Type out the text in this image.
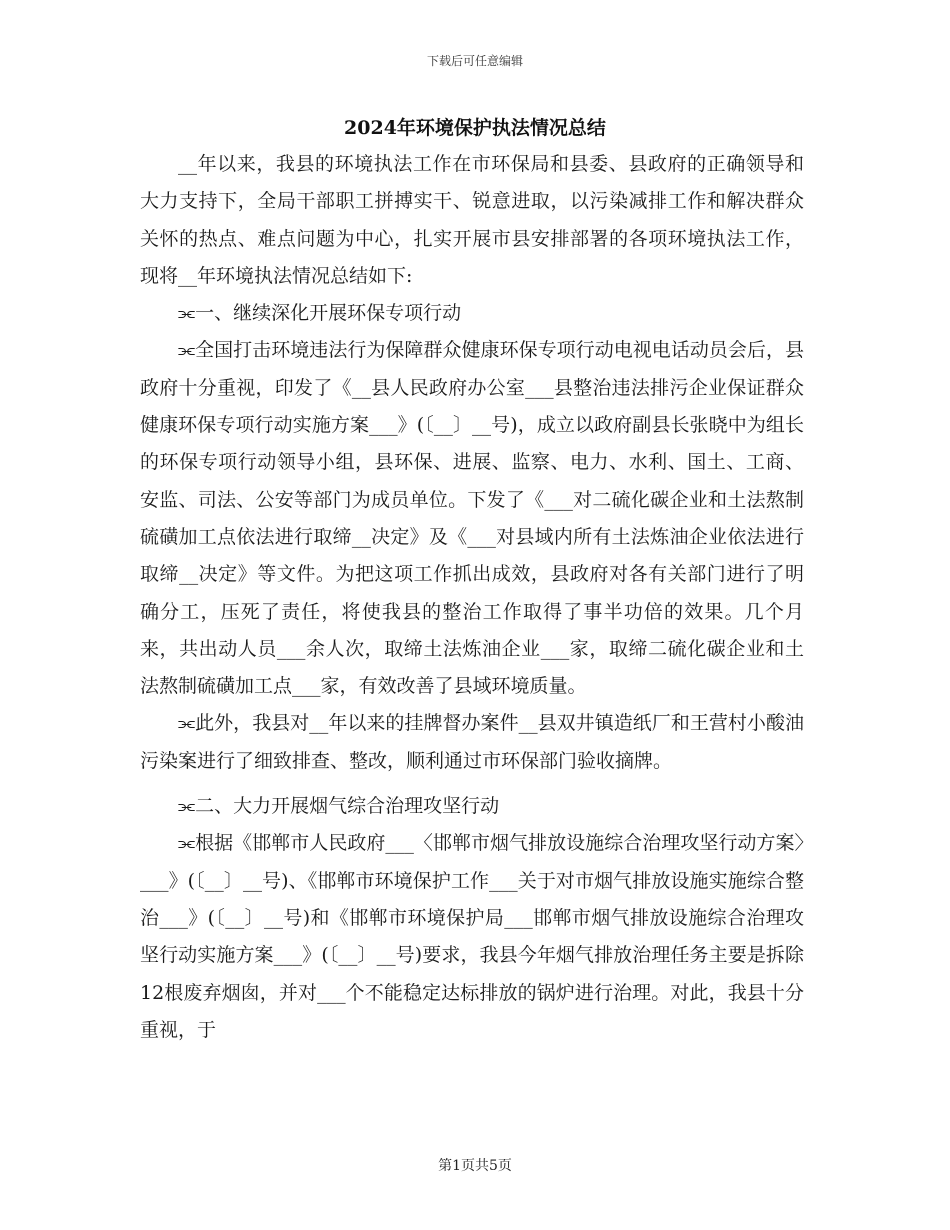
下载后可任意编辑
2024年环境保护执法情况总结

__年以来，我县的环境执法工作在市环保局和县委、县政府的正确领导和大力支持下，全局干部职工拼搏实干、锐意进取，以污染减排工作和解决群众关怀的热点、难点问题为中心，扎实开展市县安排部署的各项环境执法工作，现将__年环境执法情况总结如下:

⫘一、继续深化开展环保专项行动

⫘全国打击环境违法行为保障群众健康环保专项行动电视电话动员会后，县政府十分重视，印发了《__县人民政府办公室___县整治违法排污企业保证群众健康环保专项行动实施方案___》(〔__〕__号)，成立以政府副县长张晓中为组长的环保专项行动领导小组，县环保、进展、监察、电力、水利、国土、工商、安监、司法、公安等部门为成员单位。下发了《___对二硫化碳企业和土法熬制硫磺加工点依法进行取缔__决定》及《___对县域内所有土法炼油企业依法进行取缔__决定》等文件。为把这项工作抓出成效，县政府对各有关部门进行了明确分工，压死了责任，将使我县的整治工作取得了事半功倍的效果。几个月来，共出动人员___余人次，取缔土法炼油企业___家，取缔二硫化碳企业和土法熬制硫磺加工点___家，有效改善了县域环境质量。

⫘此外，我县对__年以来的挂牌督办案件__县双井镇造纸厂和王营村小酸油污染案进行了细致排查、整改，顺利通过市环保部门验收摘牌。

⫘二、大力开展烟气综合治理攻坚行动

⫘根据《邯郸市人民政府___〈邯郸市烟气排放设施综合治理攻坚行动方案〉___》(〔__〕__号)、《邯郸市环境保护工作___关于对市烟气排放设施实施综合整治___》(〔__〕__号)和《邯郸市环境保护局___邯郸市烟气排放设施综合治理攻坚行动实施方案___》(〔__〕__号)要求，我县今年烟气排放治理任务主要是拆除12根废弃烟囱，并对___个不能稳定达标排放的锅炉进行治理。对此，我县十分重视，于

第1页共5页
